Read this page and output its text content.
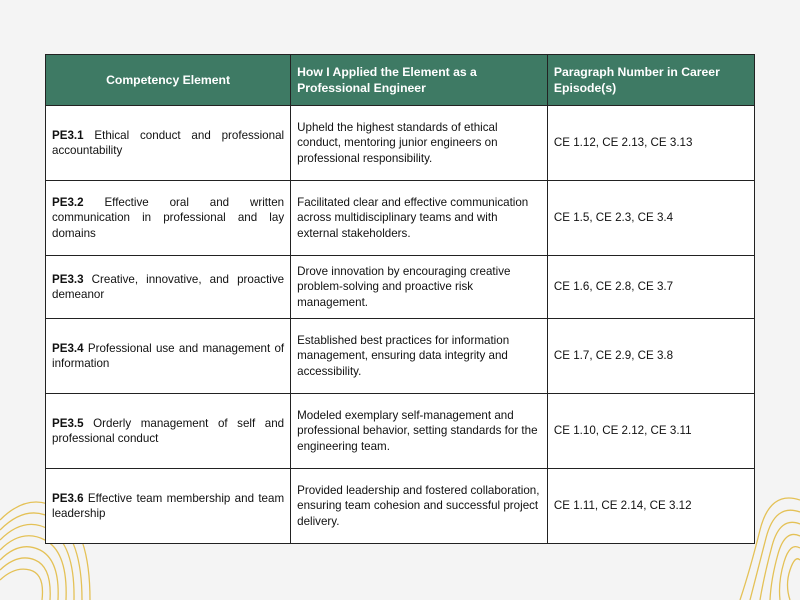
Competency Element	How I Applied the Element as a Professional Engineer	Paragraph Number in Career Episode(s)
PE3.1 Ethical conduct and professional accountability	Upheld the highest standards of ethical conduct, mentoring junior engineers on professional responsibility.	CE 1.12, CE 2.13, CE 3.13
PE3.2 Effective oral and written communication in professional and lay domains	Facilitated clear and effective communication across multidisciplinary teams and with external stakeholders.	CE 1.5, CE 2.3, CE 3.4
PE3.3 Creative, innovative, and proactive demeanor	Drove innovation by encouraging creative problem-solving and proactive risk management.	CE 1.6, CE 2.8, CE 3.7
PE3.4 Professional use and management of information	Established best practices for information management, ensuring data integrity and accessibility.	CE 1.7, CE 2.9, CE 3.8
PE3.5 Orderly management of self and professional conduct	Modeled exemplary self-management and professional behavior, setting standards for the engineering team.	CE 1.10, CE 2.12, CE 3.11
PE3.6 Effective team membership and team leadership	Provided leadership and fostered collaboration, ensuring team cohesion and successful project delivery.	CE 1.11, CE 2.14, CE 3.12
